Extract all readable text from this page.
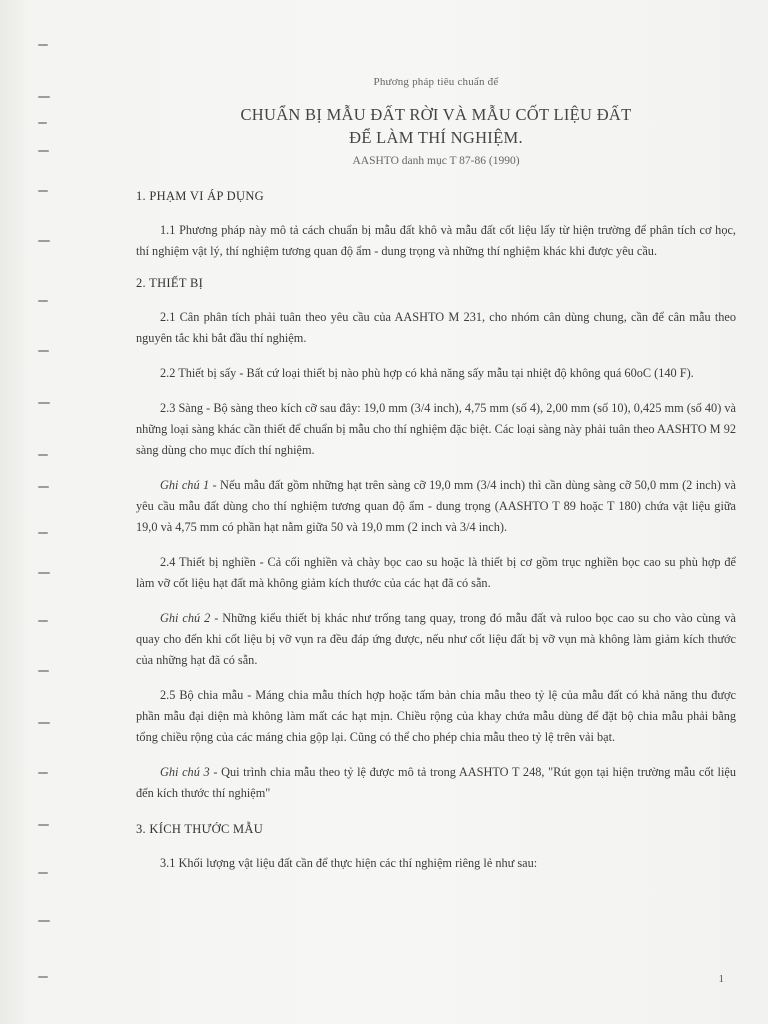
Phương pháp tiêu chuẩn để
CHUẨN BỊ MẪU ĐẤT RỜI VÀ MẪU CỐT LIỆU ĐẤT
ĐỂ LÀM THÍ NGHIỆM.
AASHTO danh mục T 87-86 (1990)
1. PHẠM VI ÁP DỤNG

1.1 Phương pháp này mô tả cách chuẩn bị mẫu đất khô và mẫu đất cốt liệu lấy từ hiện trường để phân tích cơ học, thí nghiệm vật lý, thí nghiệm tương quan độ ẩm - dung trọng và những thí nghiệm khác khi được yêu cầu.

2. THIẾT BỊ

2.1 Cân phân tích phải tuân theo yêu cầu của AASHTO M 231, cho nhóm cân dùng chung, cần để cân mẫu theo nguyên tắc khi bắt đầu thí nghiệm.

2.2 Thiết bị sấy - Bất cứ loại thiết bị nào phù hợp có khả năng sấy mẫu tại nhiệt độ không quá 60oC (140 F).

2.3 Sàng - Bộ sàng theo kích cỡ sau đây: 19,0 mm (3/4 inch), 4,75 mm (số 4), 2,00 mm (số 10), 0,425 mm (số 40) và những loại sàng khác cần thiết để chuẩn bị mẫu cho thí nghiệm đặc biệt. Các loại sàng này phải tuân theo AASHTO M 92 sàng dùng cho mục đích thí nghiệm.

Ghi chú 1 - Nếu mẫu đất gồm những hạt trên sàng cỡ 19,0 mm (3/4 inch) thì cần dùng sàng cỡ 50,0 mm (2 inch) và yêu cầu mẫu đất dùng cho thí nghiệm tương quan độ ẩm - dung trọng (AASHTO T 89 hoặc T 180) chứa vật liệu giữa 19,0 và 4,75 mm có phần hạt nằm giữa 50 và 19,0 mm (2 inch và 3/4 inch).

2.4 Thiết bị nghiền - Cả cối nghiền và chày bọc cao su hoặc là thiết bị cơ gồm trục nghiền bọc cao su phù hợp để làm vỡ cốt liệu hạt đất mà không giảm kích thước của các hạt đã có sẵn.

Ghi chú 2 - Những kiểu thiết bị khác như trống tang quay, trong đó mẫu đất và ruloo bọc cao su cho vào cùng và quay cho đến khi cốt liệu bị vỡ vụn ra đều đáp ứng được, nếu như cốt liệu đất bị vỡ vụn mà không làm giảm kích thước của những hạt đã có sẵn.

2.5 Bộ chia mẫu - Máng chia mẫu thích hợp hoặc tấm bản chia mẫu theo tỷ lệ của mẫu đất có khả năng thu được phần mẫu đại diện mà không làm mất các hạt mịn. Chiều rộng của khay chứa mẫu dùng để đặt bộ chia mẫu phải bằng tổng chiều rộng của các máng chia gộp lại. Cũng có thể cho phép chia mẫu theo tỷ lệ trên vải bạt.

Ghi chú 3 - Qui trình chia mẫu theo tỷ lệ được mô tả trong AASHTO T 248, "Rút gọn tại hiện trường mẫu cốt liệu đến kích thước thí nghiệm"

3. KÍCH THƯỚC MẪU

3.1 Khối lượng vật liệu đất cần để thực hiện các thí nghiệm riêng lẻ như sau:

1
